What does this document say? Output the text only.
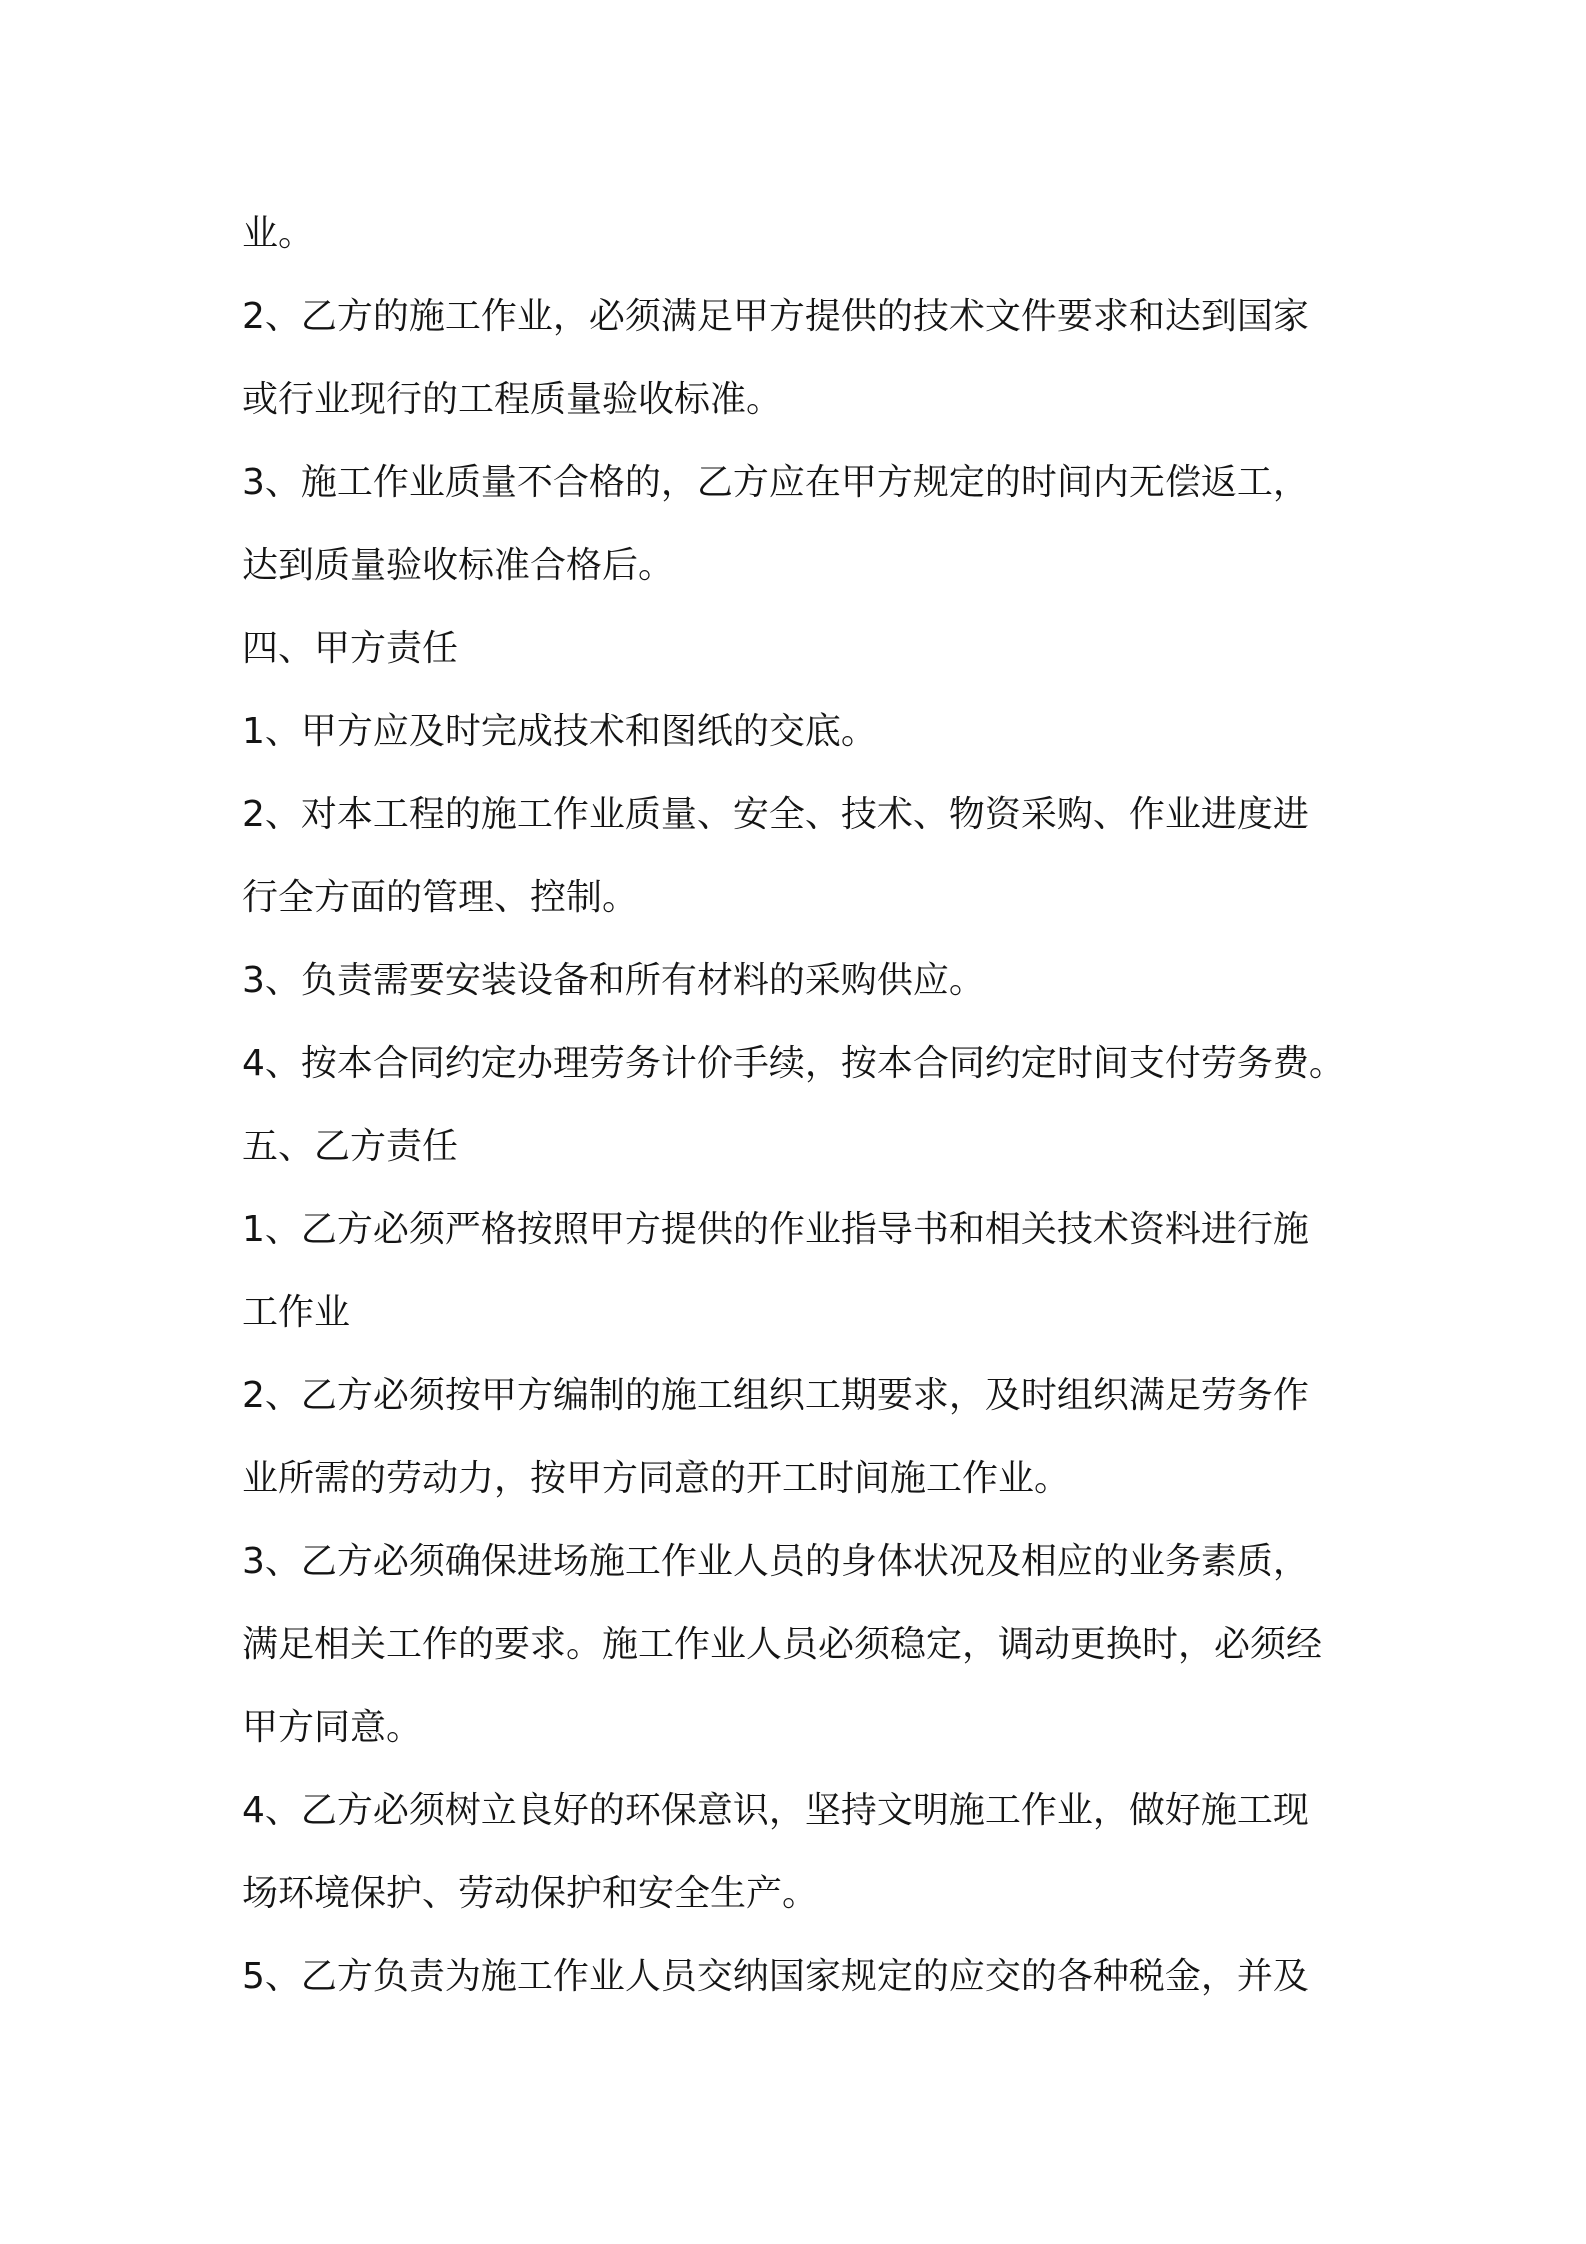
业。
2、乙方的施工作业，必须满足甲方提供的技术文件要求和达到国家
或行业现行的工程质量验收标准。
3、施工作业质量不合格的，乙方应在甲方规定的时间内无偿返工，
达到质量验收标准合格后。
四、甲方责任
1、甲方应及时完成技术和图纸的交底。
2、对本工程的施工作业质量、安全、技术、物资采购、作业进度进
行全方面的管理、控制。
3、负责需要安装设备和所有材料的采购供应。
4、按本合同约定办理劳务计价手续，按本合同约定时间支付劳务费。
五、乙方责任
1、乙方必须严格按照甲方提供的作业指导书和相关技术资料进行施
工作业
2、乙方必须按甲方编制的施工组织工期要求，及时组织满足劳务作
业所需的劳动力，按甲方同意的开工时间施工作业。
3、乙方必须确保进场施工作业人员的身体状况及相应的业务素质，
满足相关工作的要求。施工作业人员必须稳定，调动更换时，必须经
甲方同意。
4、乙方必须树立良好的环保意识，坚持文明施工作业，做好施工现
场环境保护、劳动保护和安全生产。
5、乙方负责为施工作业人员交纳国家规定的应交的各种税金，并及
